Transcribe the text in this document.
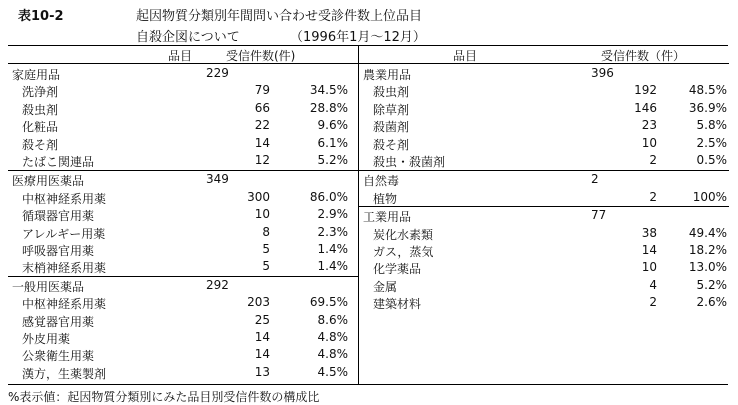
表10-2	起因物質分類別年間問い合わせ受診件数上位品目
自殺企図について	（1996年1月～12月）
品目	受信件数(件)
家庭用品	229
洗浄剤	79	34.5%
殺虫剤	66	28.8%
化粧品	22	9.6%
殺そ剤	14	6.1%
たばこ関連品	12	5.2%
医療用医薬品	349
中枢神経系用薬	300	86.0%
循環器官用薬	10	2.9%
アレルギー用薬	8	2.3%
呼吸器官用薬	5	1.4%
末梢神経系用薬	5	1.4%
一般用医薬品	292
中枢神経系用薬	203	69.5%
感覚器官用薬	25	8.6%
外皮用薬	14	4.8%
公衆衛生用薬	14	4.8%
漢方，生薬製剤	13	4.5%
品目	受信件数（件）
農業用品	396
殺虫剤	192	48.5%
除草剤	146	36.9%
殺菌剤	23	5.8%
殺そ剤	10	2.5%
殺虫・殺菌剤	2	0.5%
自然毒	2
植物	2	100%
工業用品	77
炭化水素類	38	49.4%
ガス，蒸気	14	18.2%
化学薬品	10	13.0%
金属	4	5.2%
建築材料	2	2.6%
%表示値：起因物質分類別にみた品目別受信件数の構成比
